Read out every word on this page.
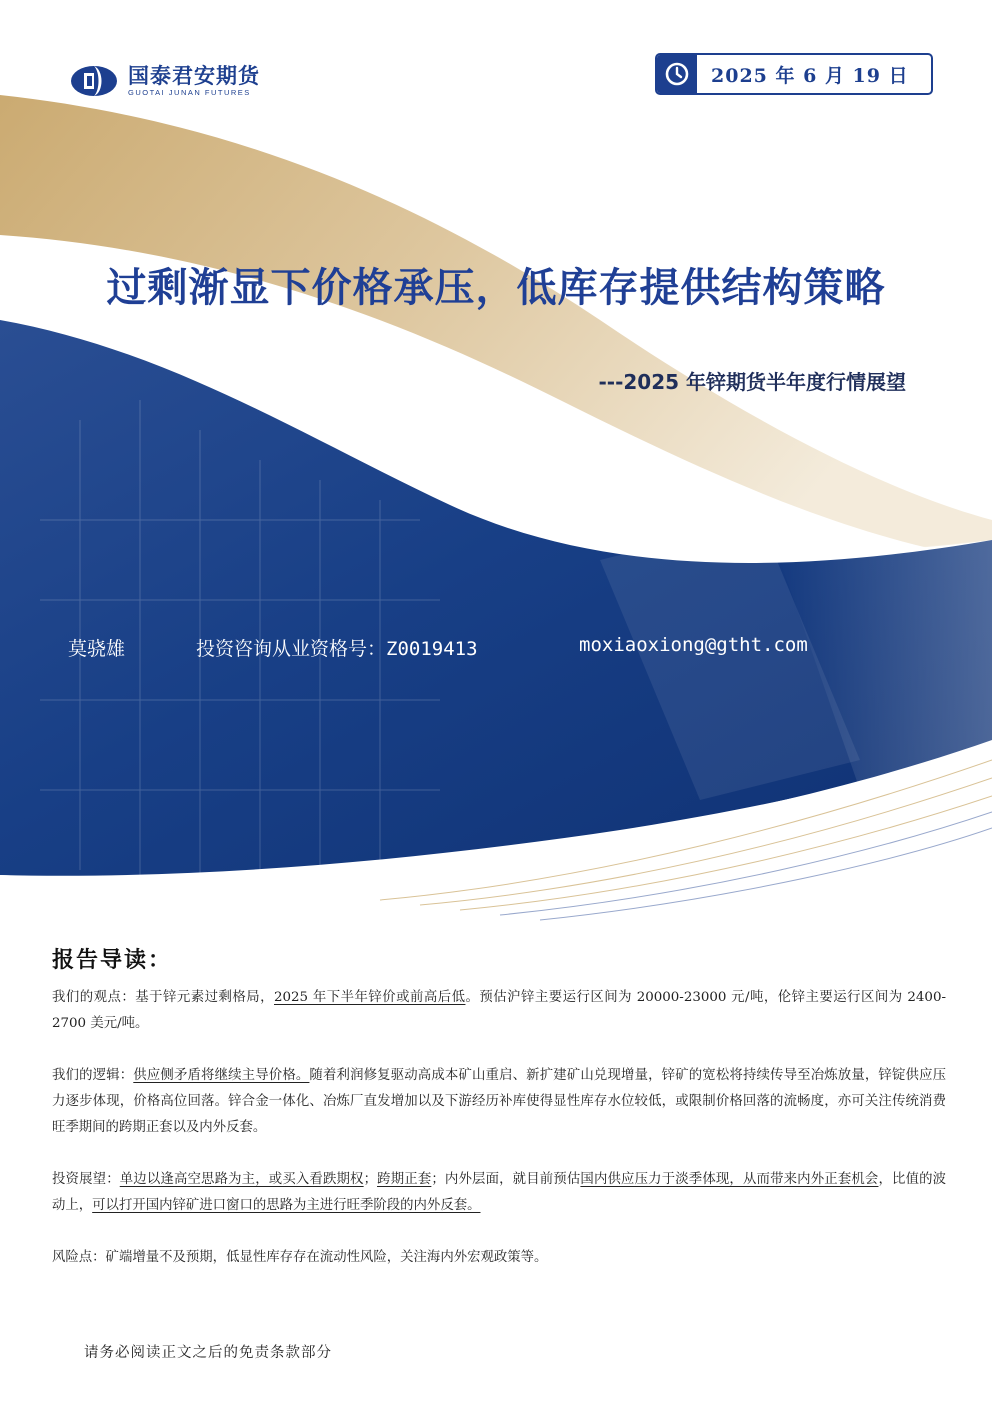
国泰君安期货
GUOTAI JUNAN FUTURES
2025 年 6 月 19 日
过剩渐显下价格承压，低库存提供结构策略
---2025 年锌期货半年度行情展望
莫骁雄	投资咨询从业资格号：Z0019413	moxiaoxiong@gtht.com
报告导读：
我们的观点：基于锌元素过剩格局，2025 年下半年锌价或前高后低。预估沪锌主要运行区间为 20000-23000 元/吨，伦锌主要运行区间为 2400-2700 美元/吨。
我们的逻辑：供应侧矛盾将继续主导价格。随着利润修复驱动高成本矿山重启、新扩建矿山兑现增量，锌矿的宽松将持续传导至冶炼放量，锌锭供应压力逐步体现，价格高位回落。锌合金一体化、冶炼厂直发增加以及下游经历补库使得显性库存水位较低，或限制价格回落的流畅度，亦可关注传统消费旺季期间的跨期正套以及内外反套。
投资展望：单边以逢高空思路为主，或买入看跌期权；跨期正套；内外层面，就目前预估国内供应压力于淡季体现，从而带来内外正套机会，比值的波动上，可以打开国内锌矿进口窗口的思路为主进行旺季阶段的内外反套。
风险点：矿端增量不及预期，低显性库存存在流动性风险，关注海内外宏观政策等。
请务必阅读正文之后的免责条款部分
